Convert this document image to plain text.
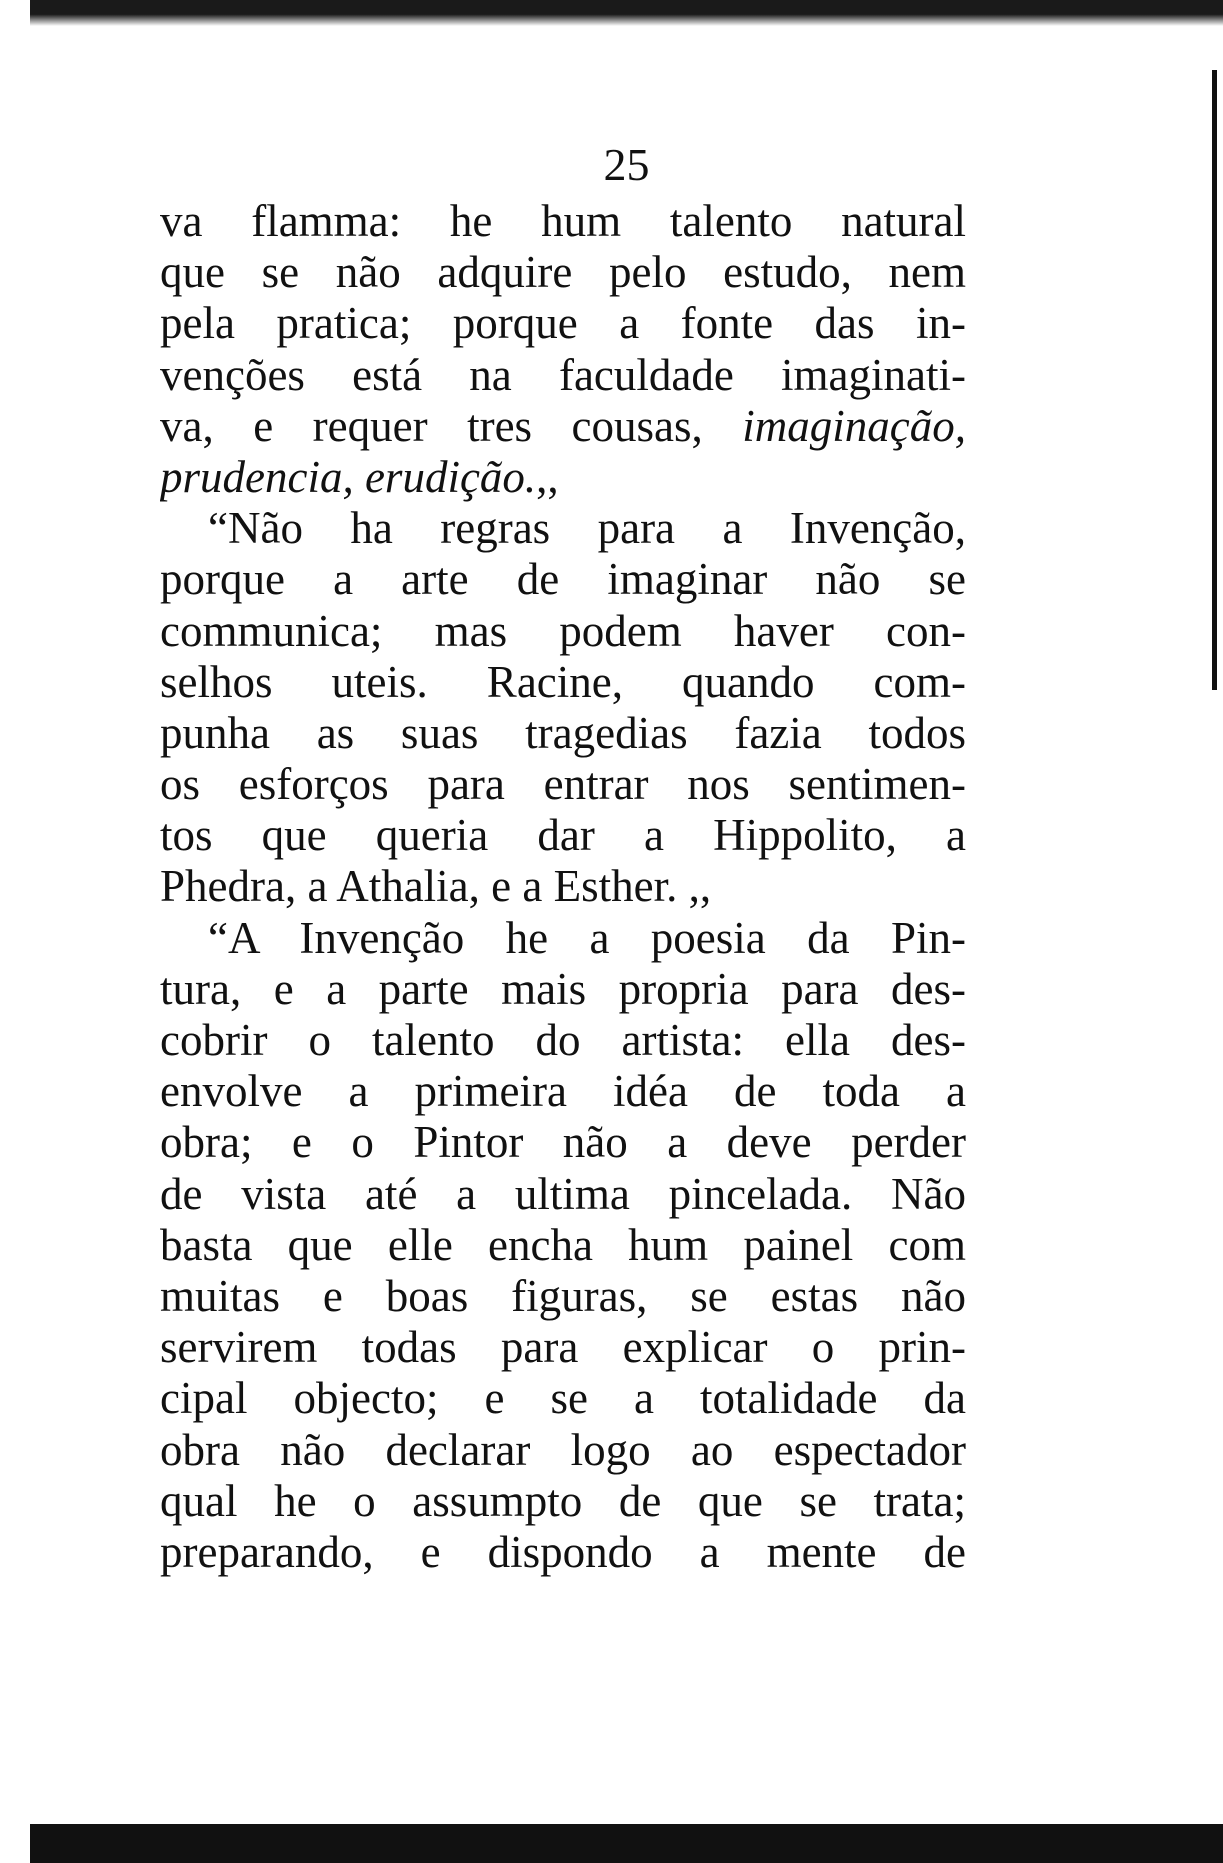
25
va flamma: he hum talento natural
que se não adquire pelo estudo, nem
pela pratica; porque a fonte das in-
venções está na faculdade imaginati-
va, e requer tres cousas, imaginação,
prudencia, erudição.,,
“Não ha regras para a Invenção,
porque a arte de imaginar não se
communica; mas podem haver con-
selhos uteis. Racine, quando com-
punha as suas tragedias fazia todos
os esforços para entrar nos sentimen-
tos que queria dar a Hippolito, a
Phedra, a Athalia, e a Esther. ,,
“A Invenção he a poesia da Pin-
tura, e a parte mais propria para des-
cobrir o talento do artista: ella des-
envolve a primeira idéa de toda a
obra; e o Pintor não a deve perder
de vista até a ultima pincelada. Não
basta que elle encha hum painel com
muitas e boas figuras, se estas não
servirem todas para explicar o prin-
cipal objecto; e se a totalidade da
obra não declarar logo ao espectador
qual he o assumpto de que se trata;
preparando, e dispondo a mente de
